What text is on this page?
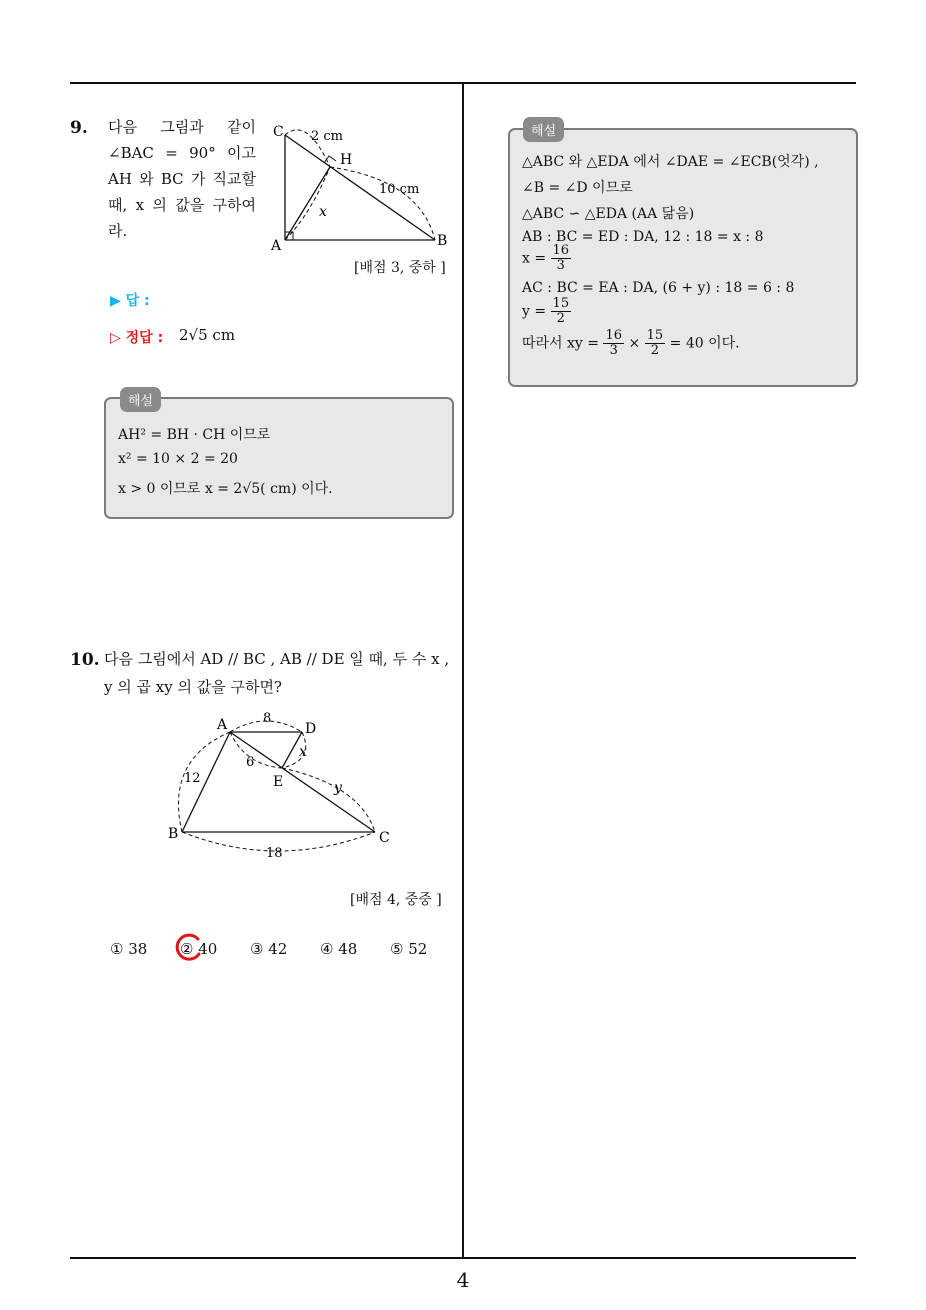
9. 다음 그림과 같이
∠BAC = 90° 이고
AH 와 BC 가 직교할
때, x 의 값을 구하여
라.
C
H
A	B
2 cm
10 cm
x
[배점 3, 중하 ]
▶ 답 :
▷ 정답 : 2√5 cm
해설
AH² = BH · CH 이므로
x² = 10 × 2 = 20
x > 0 이므로 x = 2√5( cm) 이다.
10. 다음 그림에서 AD // BC , AB // DE 일 때, 두 수 x ,
y 의 곱 xy 의 값을 구하면?
A	D
E
B	C
8
6
12
18
x
y
[배점 4, 중중 ]
① 38 ② 40 ③ 42 ④ 48 ⑤ 52
해설
△ABC 와 △EDA 에서 ∠DAE = ∠ECB(엇각) ,
∠B = ∠D 이므로
△ABC ∽ △EDA (AA 닮음)
AB : BC = ED : DA, 12 : 18 = x : 8
$x = \frac{16}{3}$
AC : BC = EA : DA, (6 + y) : 18 = 6 : 8
$y = \frac{15}{2}$
따라서 xy = $\frac{16}{3} \times \frac{15}{2} = 40$ 이다.
4
